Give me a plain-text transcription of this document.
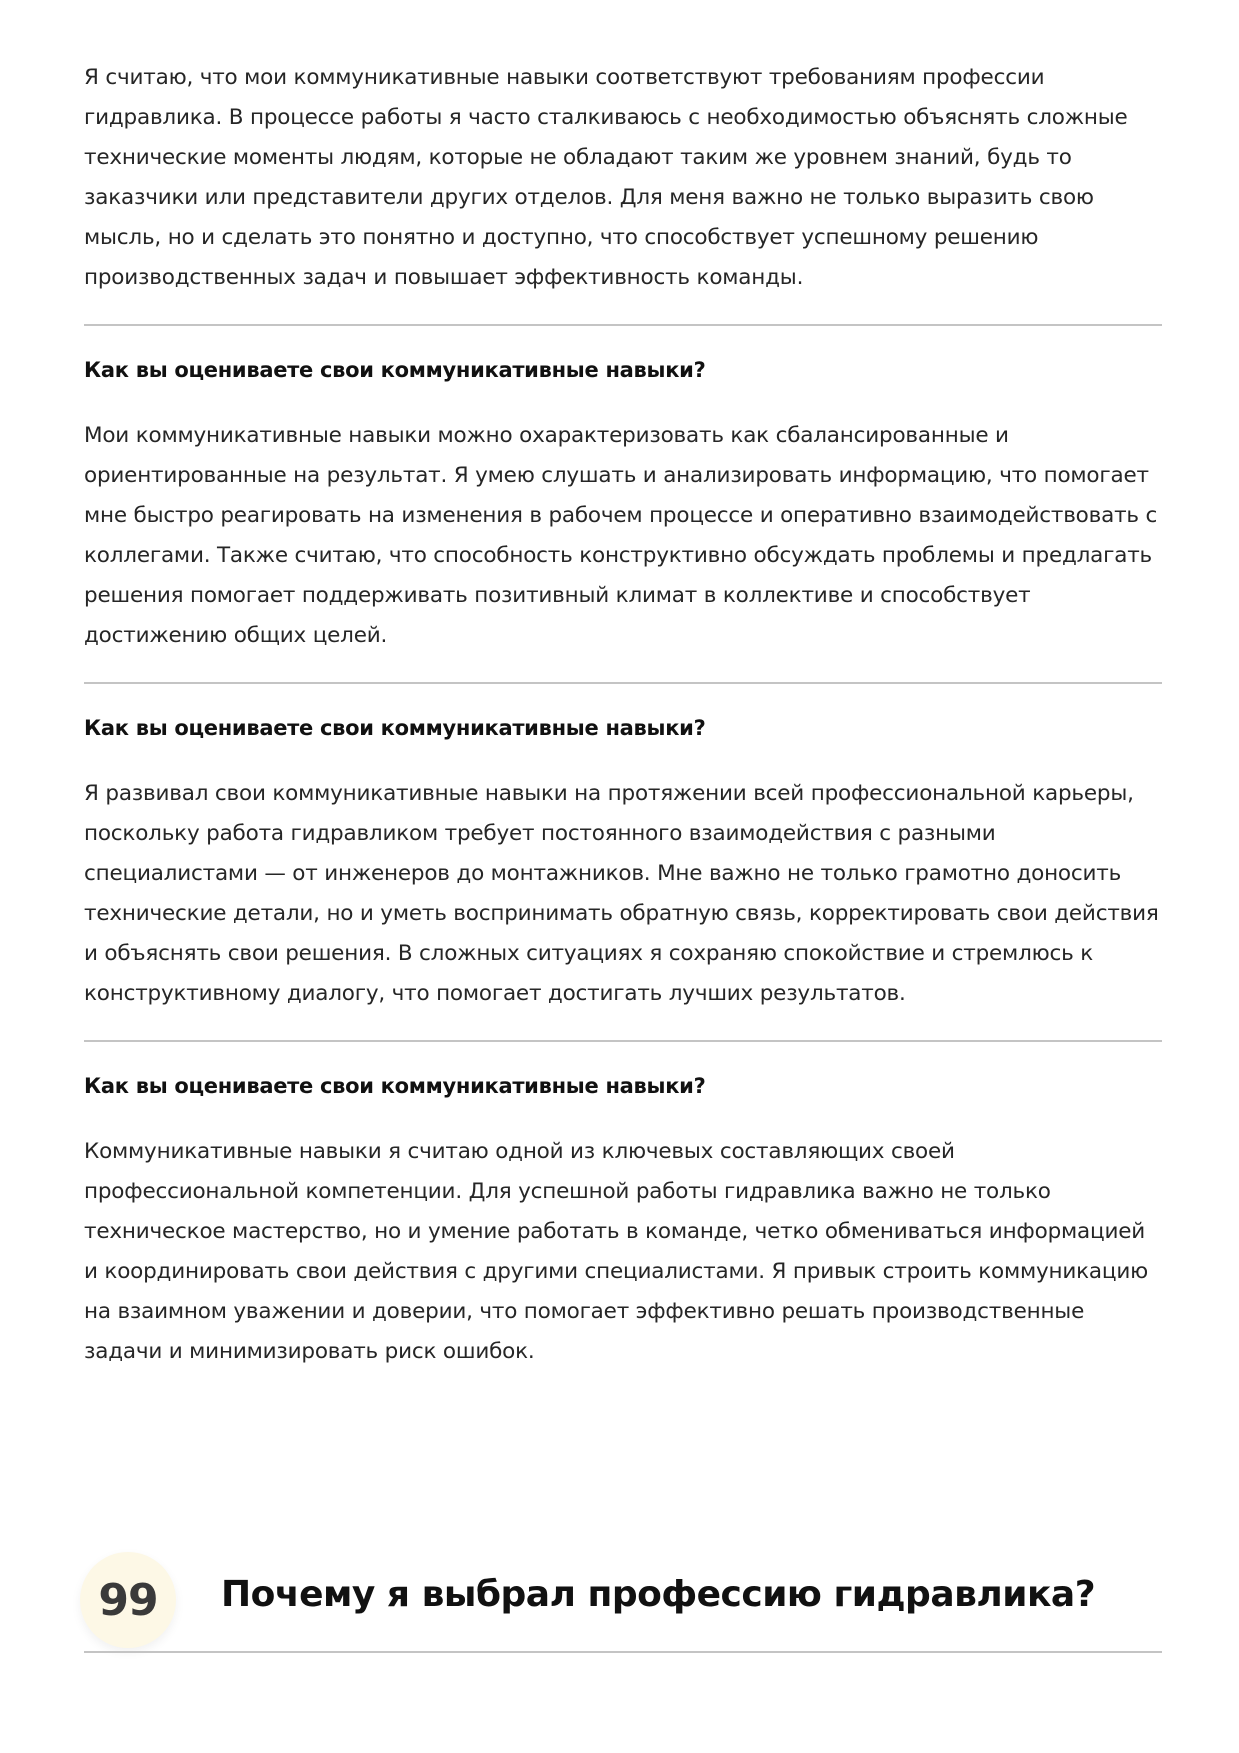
Я считаю, что мои коммуникативные навыки соответствуют требованиям профессии гидравлика. В процессе работы я часто сталкиваюсь с необходимостью объяснять сложные технические моменты людям, которые не обладают таким же уровнем знаний, будь то заказчики или представители других отделов. Для меня важно не только выразить свою мысль, но и сделать это понятно и доступно, что способствует успешному решению производственных задач и повышает эффективность команды.

Как вы оцениваете свои коммуникативные навыки?

Мои коммуникативные навыки можно охарактеризовать как сбалансированные и ориентированные на результат. Я умею слушать и анализировать информацию, что помогает мне быстро реагировать на изменения в рабочем процессе и оперативно взаимодействовать с коллегами. Также считаю, что способность конструктивно обсуждать проблемы и предлагать решения помогает поддерживать позитивный климат в коллективе и способствует достижению общих целей.

Как вы оцениваете свои коммуникативные навыки?

Я развивал свои коммуникативные навыки на протяжении всей профессиональной карьеры, поскольку работа гидравликом требует постоянного взаимодействия с разными специалистами — от инженеров до монтажников. Мне важно не только грамотно доносить технические детали, но и уметь воспринимать обратную связь, корректировать свои действия и объяснять свои решения. В сложных ситуациях я сохраняю спокойствие и стремлюсь к конструктивному диалогу, что помогает достигать лучших результатов.

Как вы оцениваете свои коммуникативные навыки?

Коммуникативные навыки я считаю одной из ключевых составляющих своей профессиональной компетенции. Для успешной работы гидравлика важно не только техническое мастерство, но и умение работать в команде, четко обмениваться информацией и координировать свои действия с другими специалистами. Я привык строить коммуникацию на взаимном уважении и доверии, что помогает эффективно решать производственные задачи и минимизировать риск ошибок.

99	Почему я выбрал профессию гидравлика?
